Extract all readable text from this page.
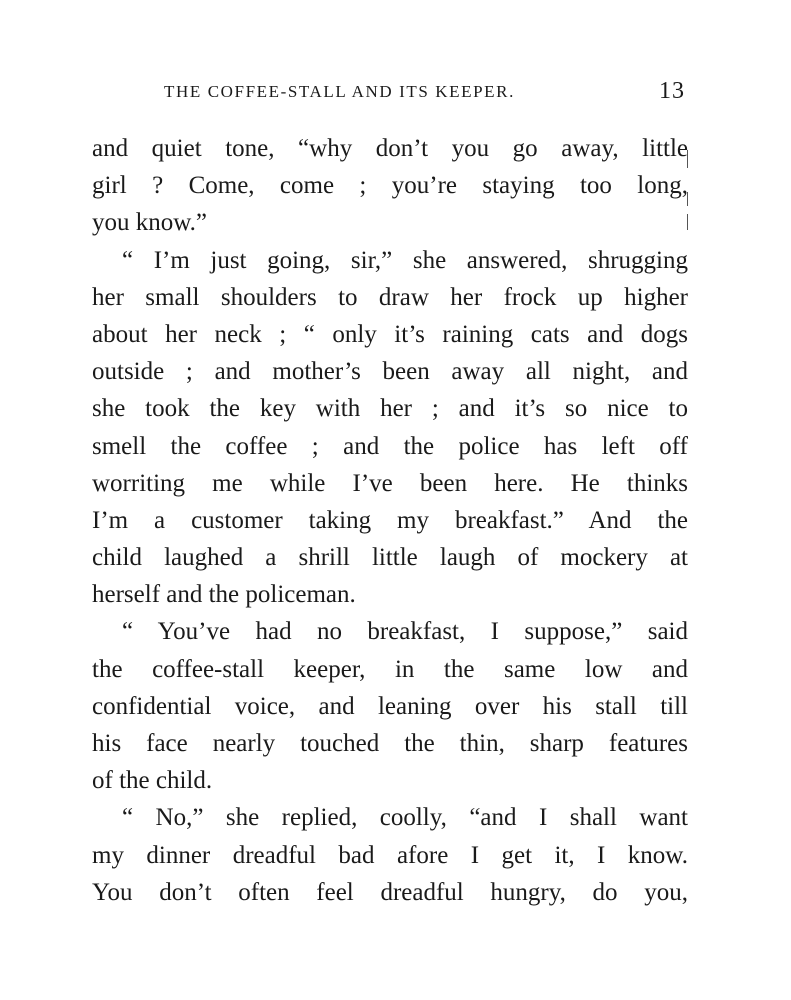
THE COFFEE-STALL AND ITS KEEPER.	13
and quiet tone, “why don’t you go away, little
girl ? Come, come ; you’re staying too long,
you know.”
“ I’m just going, sir,” she answered, shrugging
her small shoulders to draw her frock up higher
about her neck ; “ only it’s raining cats and dogs
outside ; and mother’s been away all night, and
she took the key with her ; and it’s so nice to
smell the coffee ; and the police has left off
worriting me while I’ve been here. He thinks
I’m a customer taking my breakfast.” And the
child laughed a shrill little laugh of mockery at
herself and the policeman.
“ You’ve had no breakfast, I suppose,” said
the coffee-stall keeper, in the same low and
confidential voice, and leaning over his stall till
his face nearly touched the thin, sharp features
of the child.
“ No,” she replied, coolly, “and I shall want
my dinner dreadful bad afore I get it, I know.
You don’t often feel dreadful hungry, do you,
